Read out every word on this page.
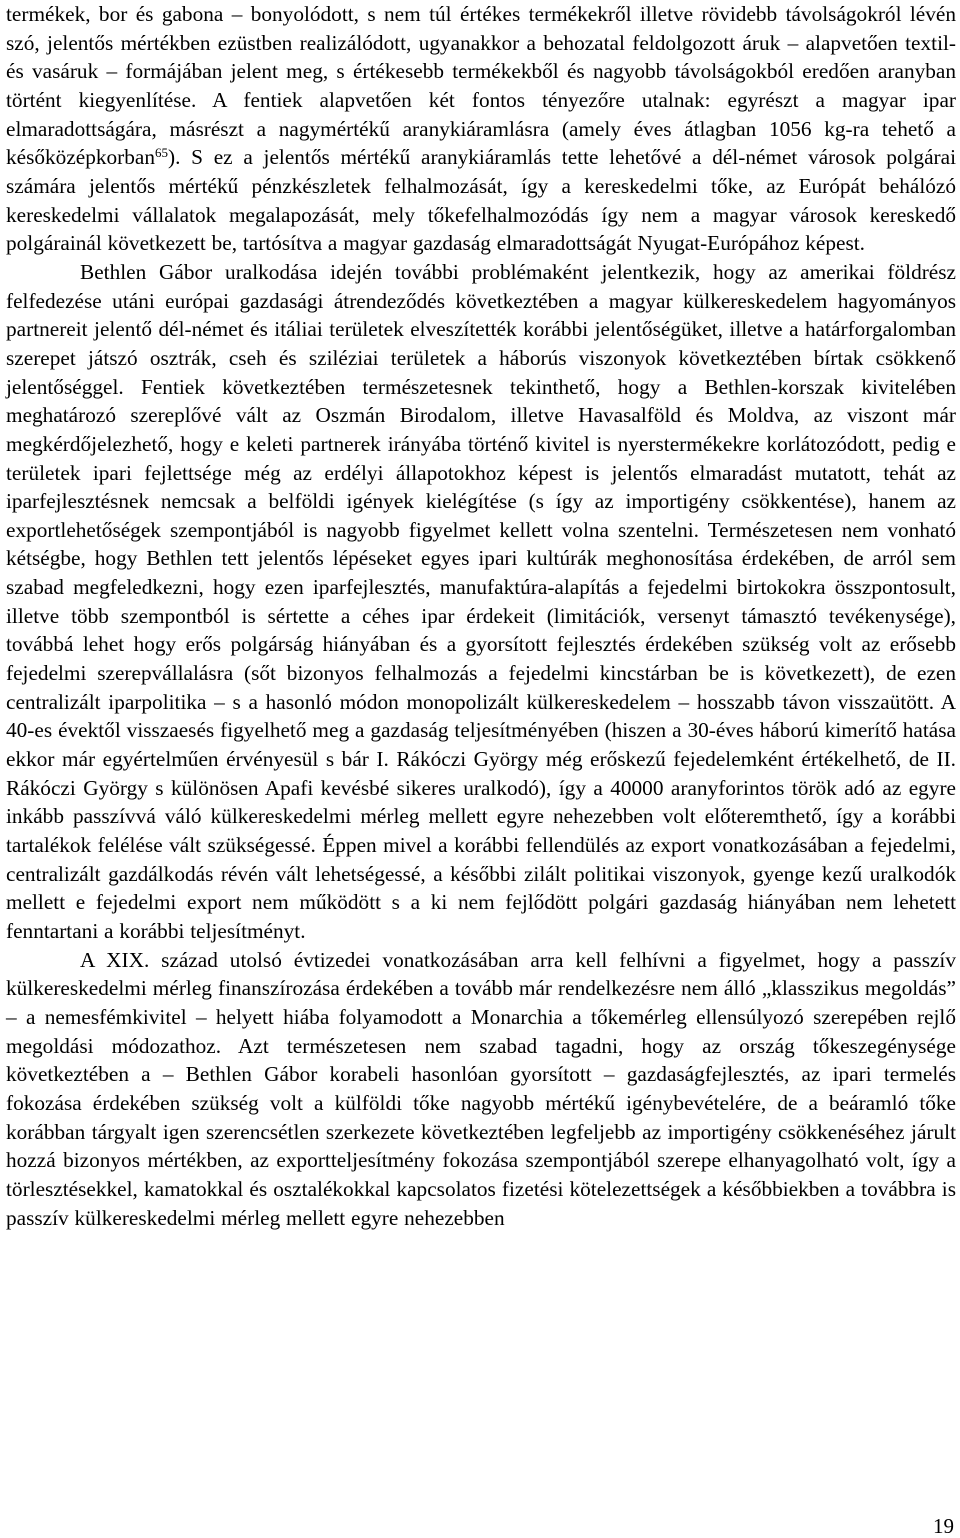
termékek, bor és gabona – bonyolódott, s nem túl értékes termékekről illetve rövidebb távolságokról lévén szó, jelentős mértékben ezüstben realizálódott, ugyanakkor a behozatal feldolgozott áruk – alapvetően textil- és vasáruk – formájában jelent meg, s értékesebb termékekből és nagyobb távolságokból eredően aranyban történt kiegyenlítése. A fentiek alapvetően két fontos tényezőre utalnak: egyrészt a magyar ipar elmaradottságára, másrészt a nagymértékű aranykiáramlásra (amely éves átlagban 1056 kg-ra tehető a későközépkorban$^{65}$). S ez a jelentős mértékű aranykiáramlás tette lehetővé a dél-német városok polgárai számára jelentős mértékű pénzkészletek felhalmozását, így a kereskedelmi tőke, az Európát behálózó kereskedelmi vállalatok megalapozását, mely tőkefelhalmozódás így nem a magyar városok kereskedő polgárainál következett be, tartósítva a magyar gazdaság elmaradottságát Nyugat-Európához képest.

Bethlen Gábor uralkodása idején további problémaként jelentkezik, hogy az amerikai földrész felfedezése utáni európai gazdasági átrendeződés következtében a magyar külkereskedelem hagyományos partnereit jelentő dél-német és itáliai területek elveszítették korábbi jelentőségüket, illetve a határforgalomban szerepet játszó osztrák, cseh és sziléziai területek a háborús viszonyok következtében bírtak csökkenő jelentőséggel. Fentiek következtében természetesnek tekinthető, hogy a Bethlen-korszak kivitelében meghatározó szereplővé vált az Oszmán Birodalom, illetve Havasalföld és Moldva, az viszont már megkérdőjelezhető, hogy e keleti partnerek irányába történő kivitel is nyerstermékekre korlátozódott, pedig e területek ipari fejlettsége még az erdélyi állapotokhoz képest is jelentős elmaradást mutatott, tehát az iparfejlesztésnek nemcsak a belföldi igények kielégítése (s így az importigény csökkentése), hanem az exportlehetőségek szempontjából is nagyobb figyelmet kellett volna szentelni. Természetesen nem vonható kétségbe, hogy Bethlen tett jelentős lépéseket egyes ipari kultúrák meghonosítása érdekében, de arról sem szabad megfeledkezni, hogy ezen iparfejlesztés, manufaktúra-alapítás a fejedelmi birtokokra összpontosult, illetve több szempontból is sértette a céhes ipar érdekeit (limitációk, versenyt támasztó tevékenysége), továbbá lehet hogy erős polgárság hiányában és a gyorsított fejlesztés érdekében szükség volt az erősebb fejedelmi szerepvállalásra (sőt bizonyos felhalmozás a fejedelmi kincstárban be is következett), de ezen centralizált iparpolitika – s a hasonló módon monopolizált külkereskedelem – hosszabb távon visszaütött. A 40-es évektől visszaesés figyelhető meg a gazdaság teljesítményében (hiszen a 30-éves háború kimerítő hatása ekkor már egyértelműen érvényesül s bár I. Rákóczi György még erőskezű fejedelemként értékelhető, de II. Rákóczi György s különösen Apafi kevésbé sikeres uralkodó), így a 40000 aranyforintos török adó az egyre inkább passzívvá váló külkereskedelmi mérleg mellett egyre nehezebben volt előteremthető, így a korábbi tartalékok felélése vált szükségessé. Éppen mivel a korábbi fellendülés az export vonatkozásában a fejedelmi, centralizált gazdálkodás révén vált lehetségessé, a későbbi zilált politikai viszonyok, gyenge kezű uralkodók mellett e fejedelmi export nem működött s a ki nem fejlődött polgári gazdaság hiányában nem lehetett fenntartani a korábbi teljesítményt.

A XIX. század utolsó évtizedei vonatkozásában arra kell felhívni a figyelmet, hogy a passzív külkereskedelmi mérleg finanszírozása érdekében a tovább már rendelkezésre nem álló „klasszikus megoldás” – a nemesfémkivitel – helyett hiába folyamodott a Monarchia a tőkemérleg ellensúlyozó szerepében rejlő megoldási módozathoz. Azt természetesen nem szabad tagadni, hogy az ország tőkeszegénysége következtében a – Bethlen Gábor korabeli hasonlóan gyorsított – gazdaságfejlesztés, az ipari termelés fokozása érdekében szükség volt a külföldi tőke nagyobb mértékű igénybevételére, de a beáramló tőke korábban tárgyalt igen szerencsétlen szerkezete következtében legfeljebb az importigény csökkenéséhez járult hozzá bizonyos mértékben, az exportteljesítmény fokozása szempontjából szerepe elhanyagolható volt, így a törlesztésekkel, kamatokkal és osztalékokkal kapcsolatos fizetési kötelezettségek a későbbiekben a továbbra is passzív külkereskedelmi mérleg mellett egyre nehezebben

19
